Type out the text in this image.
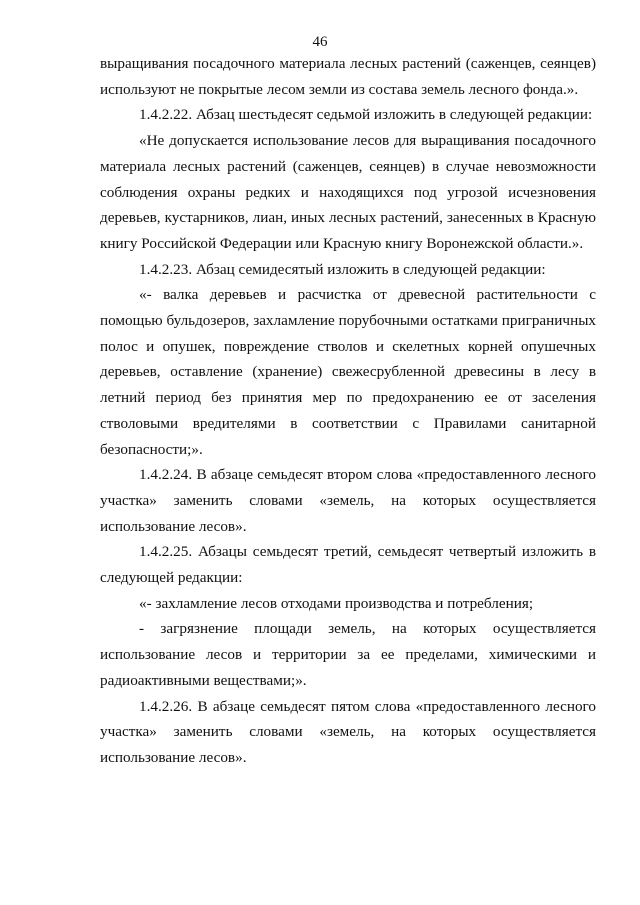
46

выращивания посадочного материала лесных растений (саженцев, сеянцев) используют не покрытые лесом земли из состава земель лесного фонда.».

1.4.2.22. Абзац шестьдесят седьмой изложить в следующей редакции:

«Не допускается использование лесов для выращивания посадочного материала лесных растений (саженцев, сеянцев) в случае невозможности соблюдения охраны редких и находящихся под угрозой исчезновения деревьев, кустарников, лиан, иных лесных растений, занесенных в Красную книгу Российской Федерации или Красную книгу Воронежской области.».

1.4.2.23. Абзац семидесятый изложить в следующей редакции:

«- валка деревьев и расчистка от древесной растительности с помощью бульдозеров, захламление порубочными остатками приграничных полос и опушек, повреждение стволов и скелетных корней опушечных деревьев, оставление (хранение) свежесрубленной древесины в лесу в летний период без принятия мер по предохранению ее от заселения стволовыми вредителями в соответствии с Правилами санитарной безопасности;».

1.4.2.24. В абзаце семьдесят втором слова «предоставленного лесного участка» заменить словами «земель, на которых осуществляется использование лесов».

1.4.2.25. Абзацы семьдесят третий, семьдесят четвертый изложить в следующей редакции:

«- захламление лесов отходами производства и потребления;

- загрязнение площади земель, на которых осуществляется использование лесов и территории за ее пределами, химическими и радиоактивными веществами;».

1.4.2.26. В абзаце семьдесят пятом слова «предоставленного лесного участка» заменить словами «земель, на которых осуществляется использование лесов».
